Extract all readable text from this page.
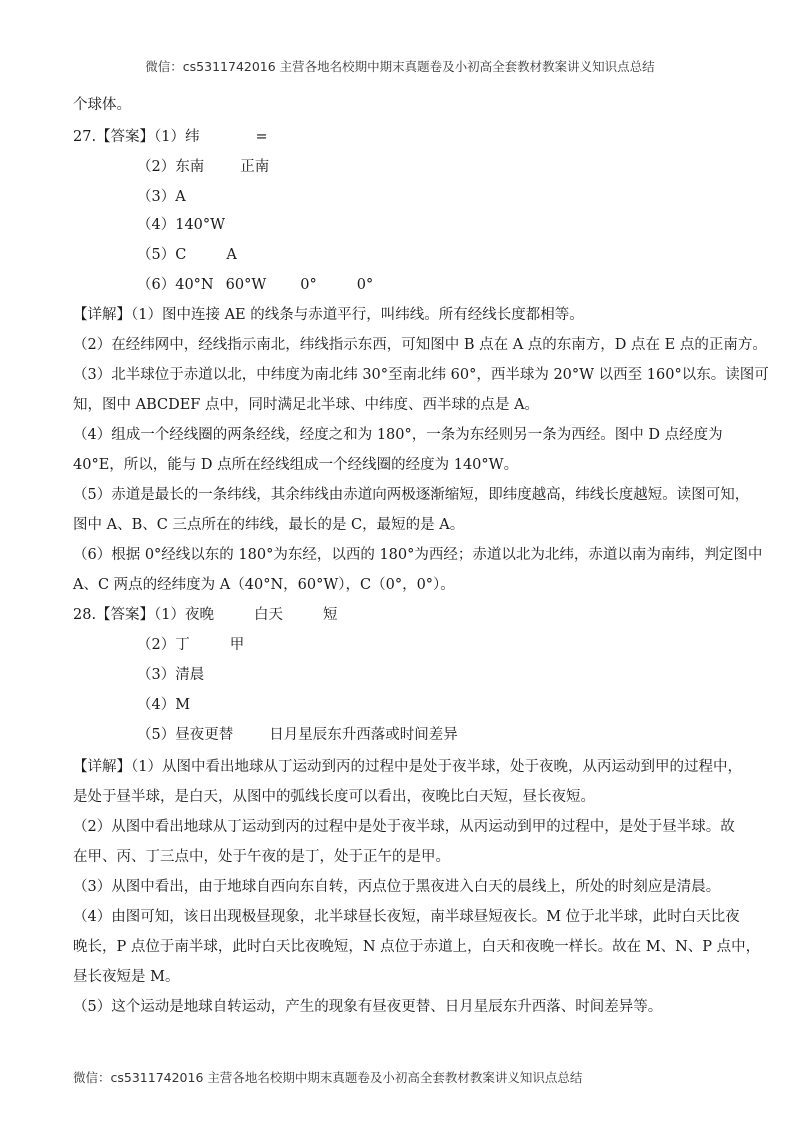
微信：cs5311742016 主营各地名校期中期末真题卷及小初高全套教材教案讲义知识点总结
个球体。
27.【答案】（1）纬	=
（2）东南 正南
（3）A
（4）140°W
（5）C	A
（6）40°N 60°W 0°	0°
【详解】（1）图中连接 AE 的线条与赤道平行，叫纬线。所有经线长度都相等。
（2）在经纬网中，经线指示南北，纬线指示东西，可知图中 B 点在 A 点的东南方，D 点在 E 点的正南方。
（3）北半球位于赤道以北，中纬度为南北纬 30°至南北纬 60°，西半球为 20°W 以西至 160°以东。读图可
知，图中 ABCDEF 点中，同时满足北半球、中纬度、西半球的点是 A。
（4）组成一个经线圈的两条经线，经度之和为 180°，一条为东经则另一条为西经。图中 D 点经度为
40°E，所以，能与 D 点所在经线组成一个经线圈的经度为 140°W。
（5）赤道是最长的一条纬线，其余纬线由赤道向两极逐渐缩短，即纬度越高，纬线长度越短。读图可知，
图中 A、B、C 三点所在的纬线，最长的是 C，最短的是 A。
（6）根据 0°经线以东的 180°为东经，以西的 180°为西经；赤道以北为北纬，赤道以南为南纬，判定图中
A、C 两点的经纬度为 A（40°N，60°W），C（0°，0°）。
28.【答案】（1）夜晚	白天	短
（2）丁	甲
（3）清晨
（4）M
（5）昼夜更替 日月星辰东升西落或时间差异
【详解】（1）从图中看出地球从丁运动到丙的过程中是处于夜半球，处于夜晚，从丙运动到甲的过程中，
是处于昼半球，是白天，从图中的弧线长度可以看出，夜晚比白天短，昼长夜短。
（2）从图中看出地球从丁运动到丙的过程中是处于夜半球，从丙运动到甲的过程中，是处于昼半球。故
在甲、丙、丁三点中，处于午夜的是丁，处于正午的是甲。
（3）从图中看出，由于地球自西向东自转，丙点位于黑夜进入白天的晨线上，所处的时刻应是清晨。
（4）由图可知，该日出现极昼现象，北半球昼长夜短，南半球昼短夜长。M 位于北半球，此时白天比夜
晚长，P 点位于南半球，此时白天比夜晚短，N 点位于赤道上，白天和夜晚一样长。故在 M、N、P 点中，
昼长夜短是 M。
（5）这个运动是地球自转运动，产生的现象有昼夜更替、日月星辰东升西落、时间差异等。
微信：cs5311742016 主营各地名校期中期末真题卷及小初高全套教材教案讲义知识点总结
